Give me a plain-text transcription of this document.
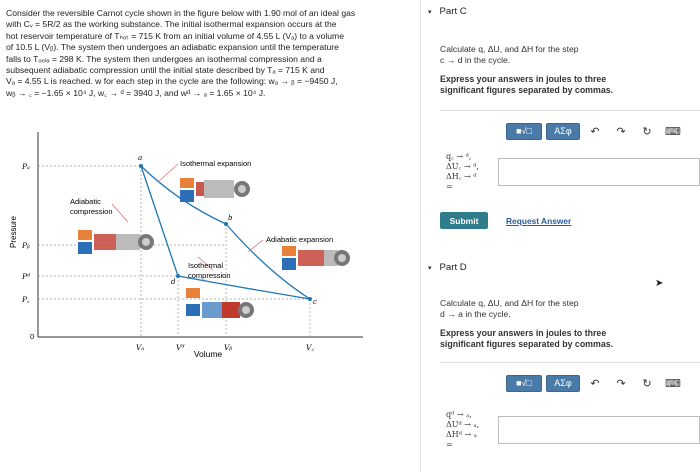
Consider the reversible Carnot cycle shown in the figure below with 1.90 mol of an ideal gas
with Cᵥ = 5R/2 as the working substance. The initial isothermal expansion occurs at the
hot reservoir temperature of Tₕₒₜ = 715 K from an initial volume of 4.55 L (Vₐ) to a volume
of 10.5 L (Vᵦ). The system then undergoes an adiabatic expansion until the temperature
falls to Tₒₒₗₔ = 298 K. The system then undergoes an isothermal compression and a
subsequent adiabatic compression until the initial state described by Tₐ = 715 K and
Vₐ = 4.55 L is reached. w for each step in the cycle are the following: wₐ → ᵦ = −9450 J,
wᵦ → ꜀ = −1.65 × 10⁴ J, w꜀ → ᵈ = 3940 J, and wᵈ → ₐ = 1.65 × 10⁴ J.
Pressure
Volume
Pₐ
Pᵦ
Pᵈ
P꜀
0
Vₐ	Vᵈ	Vᵦ	V꜀
a
b
c
d
Isothermal expansion
Adiabatic
compression
Adiabatic expansion
Isothermal
compression
▾ Part C
Calculate q, ΔU, and ΔH for the step
c → d in the cycle.
Express your answers in joules to three
significant figures separated by commas.
■√□	AΣφ	↶	↷	↻	⌨
q꜀ → ᵈ,
ΔU꜀ → ᵈ,
ΔH꜀ → ᵈ
=
Submit	Request Answer
▾ Part D
➤
Calculate q, ΔU, and ΔH for the step
d → a in the cycle.
Express your answers in joules to three
significant figures separated by commas.
■√□	AΣφ	↶	↷	↻	⌨
qᵈ → ₐ,
ΔUᵈ → ₐ,
ΔHᵈ → ₐ
=
